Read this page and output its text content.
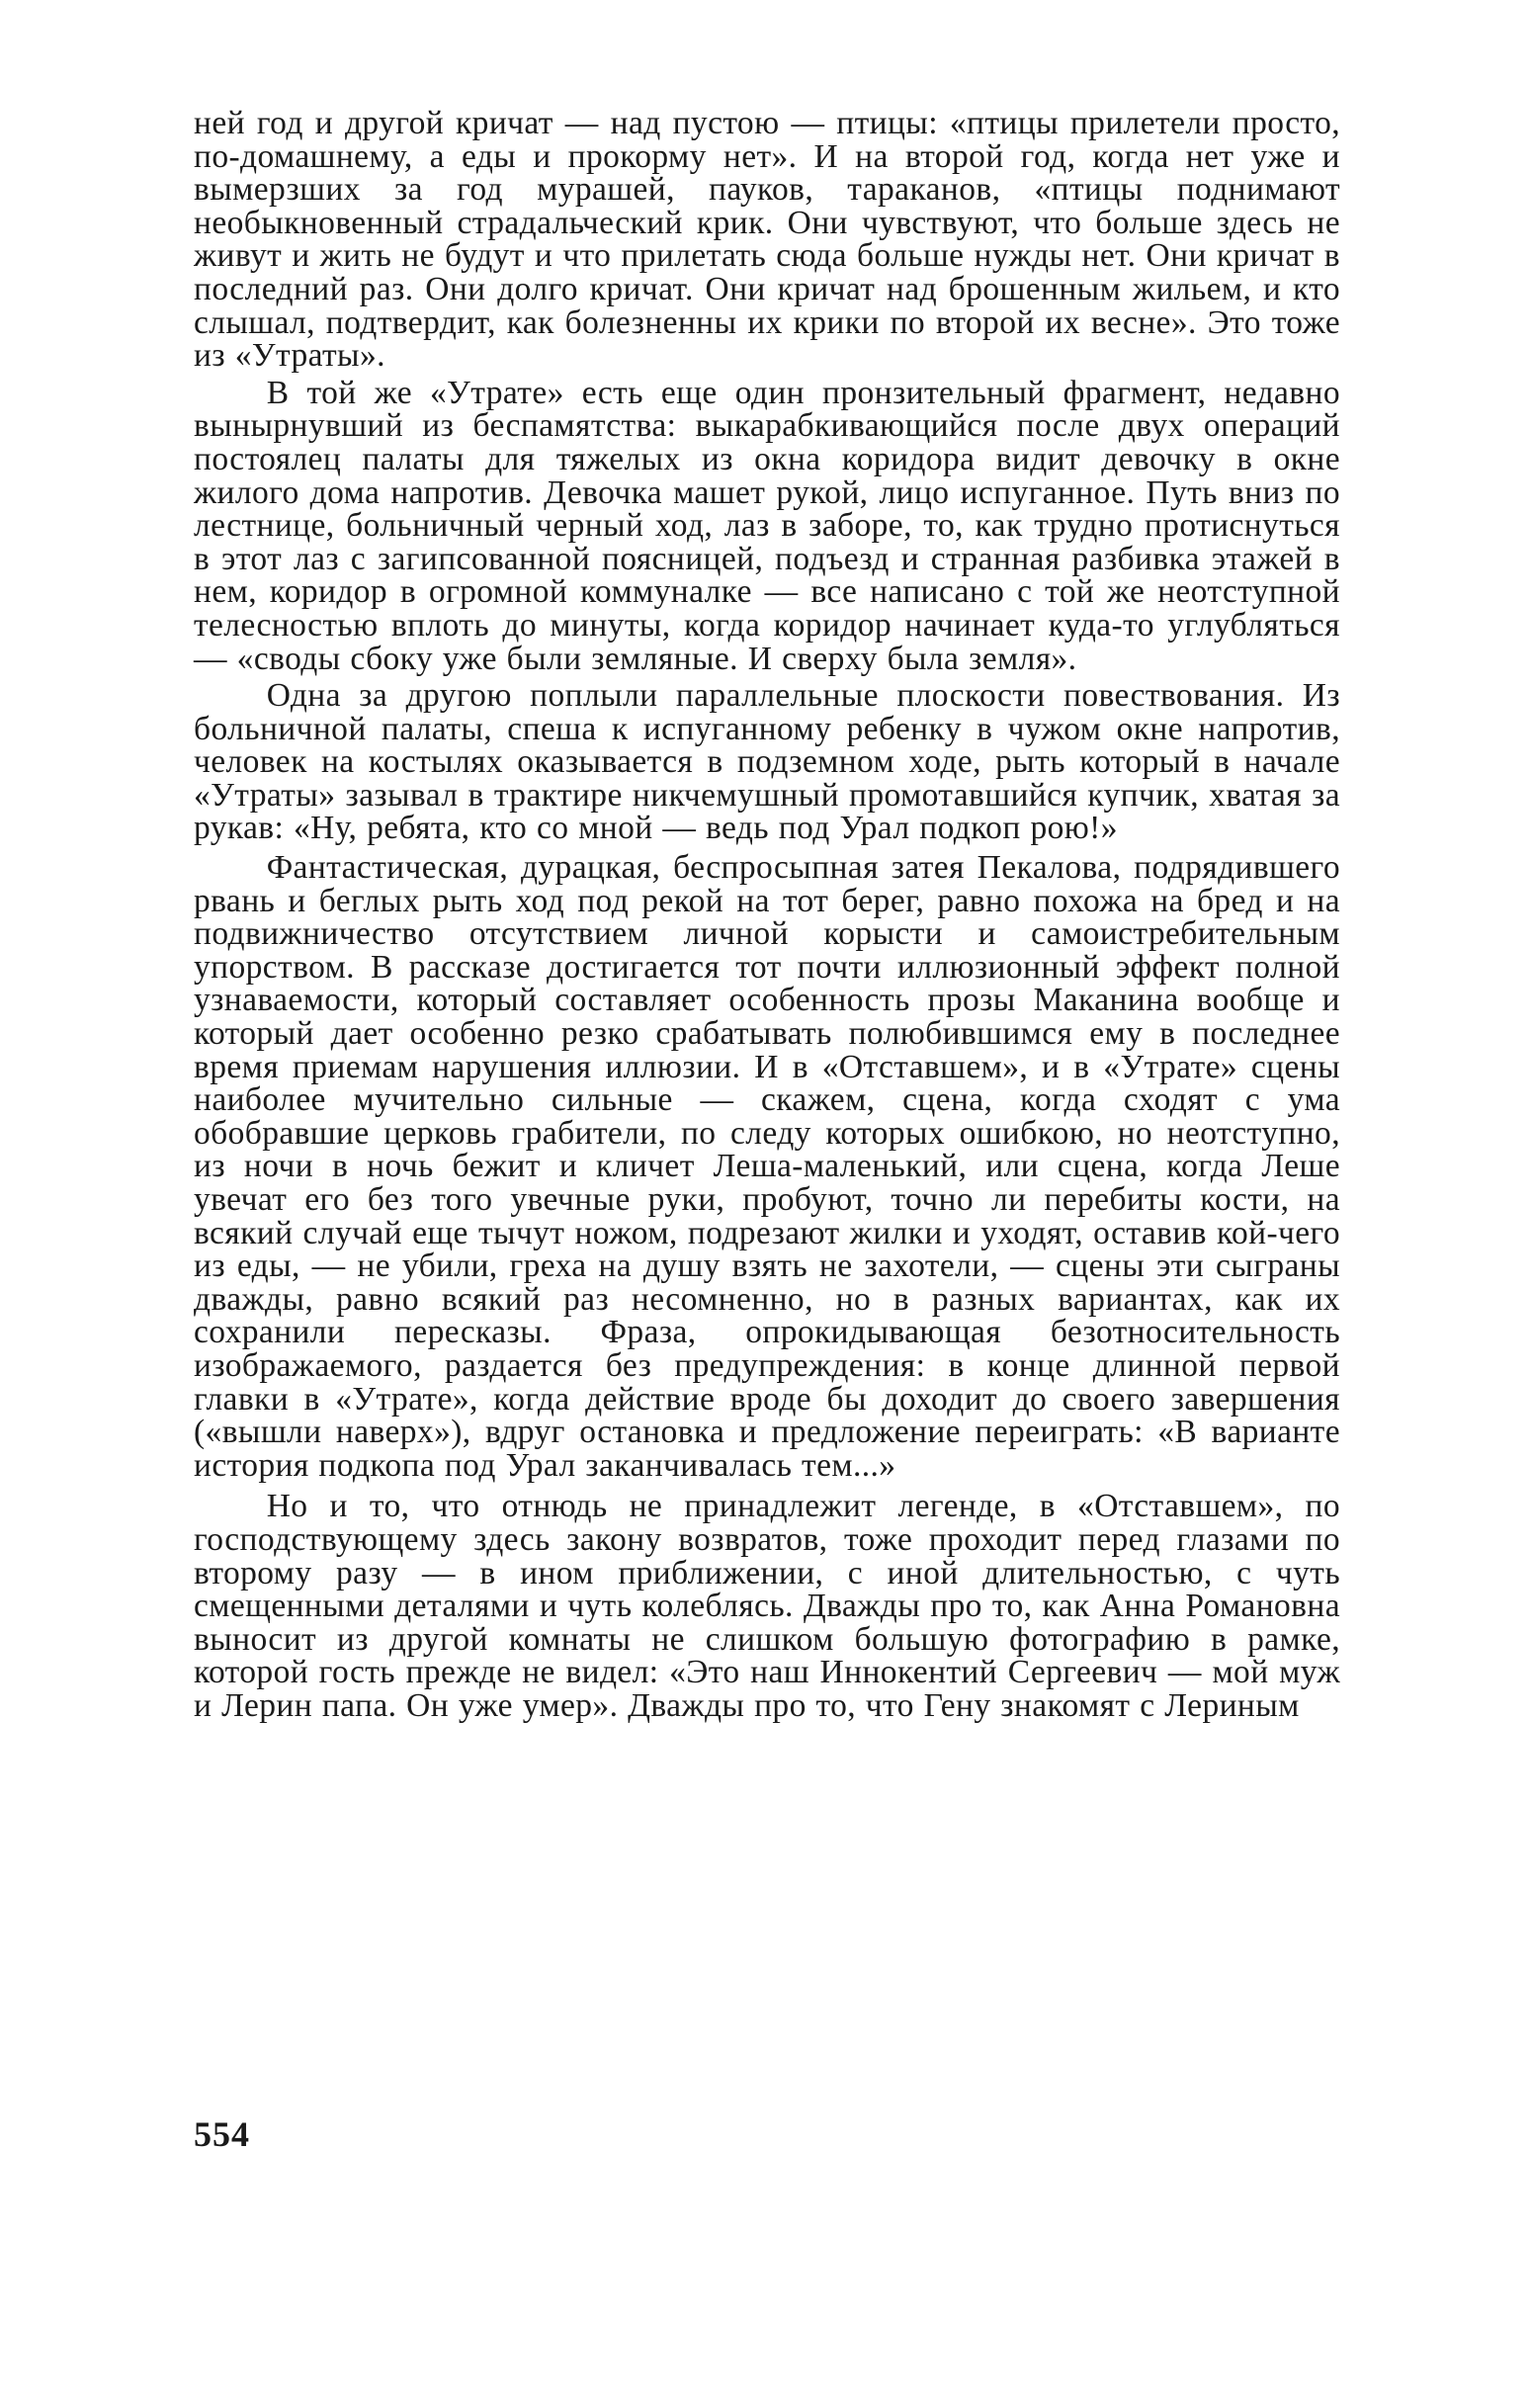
ней год и другой кричат — над пустою — птицы: «птицы прилетели просто, по-домашнему, а еды и прокорму нет». И на второй год, когда нет уже и вымерзших за год мурашей, пауков, тараканов, «птицы поднимают необыкновенный страдальческий крик. Они чувствуют, что больше здесь не живут и жить не будут и что прилетать сюда больше нужды нет. Они кричат в последний раз. Они долго кричат. Они кричат над брошенным жильем, и кто слышал, подтвердит, как болезненны их крики по второй их весне». Это тоже из «Утраты».

В той же «Утрате» есть еще один пронзительный фрагмент, недавно вынырнувший из беспамятства: выкарабкивающийся после двух операций постоялец палаты для тяжелых из окна коридора видит девочку в окне жилого дома напротив. Девочка машет рукой, лицо испуганное. Путь вниз по лестнице, больничный черный ход, лаз в заборе, то, как трудно протиснуться в этот лаз с загипсованной поясницей, подъезд и странная разбивка этажей в нем, коридор в огромной коммуналке — все написано с той же неотступной телесностью вплоть до минуты, когда коридор начинает куда-то углубляться — «своды сбоку уже были земляные. И сверху была земля».

Одна за другою поплыли параллельные плоскости повествования. Из больничной палаты, спеша к испуганному ребенку в чужом окне напротив, человек на костылях оказывается в подземном ходе, рыть который в начале «Утраты» зазывал в трактире никчемушный промотавшийся купчик, хватая за рукав: «Ну, ребята, кто со мной — ведь под Урал подкоп рою!»

Фантастическая, дурацкая, беспросыпная затея Пекалова, подрядившего рвань и беглых рыть ход под рекой на тот берег, равно похожа на бред и на подвижничество отсутствием личной корысти и самоистребительным упорством. В рассказе достигается тот почти иллюзионный эффект полной узнаваемости, который составляет особенность прозы Маканина вообще и который дает особенно резко срабатывать полюбившимся ему в последнее время приемам нарушения иллюзии. И в «Отставшем», и в «Утрате» сцены наиболее мучительно сильные — скажем, сцена, когда сходят с ума обобравшие церковь грабители, по следу которых ошибкою, но неотступно, из ночи в ночь бежит и кличет Леша-маленький, или сцена, когда Леше увечат его без того увечные руки, пробуют, точно ли перебиты кости, на всякий случай еще тычут ножом, подрезают жилки и уходят, оставив кой-чего из еды, — не убили, греха на душу взять не захотели, — сцены эти сыграны дважды, равно всякий раз несомненно, но в разных вариантах, как их сохранили пересказы. Фраза, опрокидывающая безотносительность изображаемого, раздается без предупреждения: в конце длинной первой главки в «Утрате», когда действие вроде бы доходит до своего завершения («вышли наверх»), вдруг остановка и предложение переиграть: «В варианте история подкопа под Урал заканчивалась тем...»

Но и то, что отнюдь не принадлежит легенде, в «Отставшем», по господствующему здесь закону возвратов, тоже проходит перед глазами по второму разу — в ином приближении, с иной длительностью, с чуть смещенными деталями и чуть колеблясь. Дважды про то, как Анна Романовна выносит из другой комнаты не слишком большую фотографию в рамке, которой гость прежде не видел: «Это наш Иннокентий Сергеевич — мой муж и Лерин папа. Он уже умер». Дважды про то, что Гену знакомят с Лериным

554
